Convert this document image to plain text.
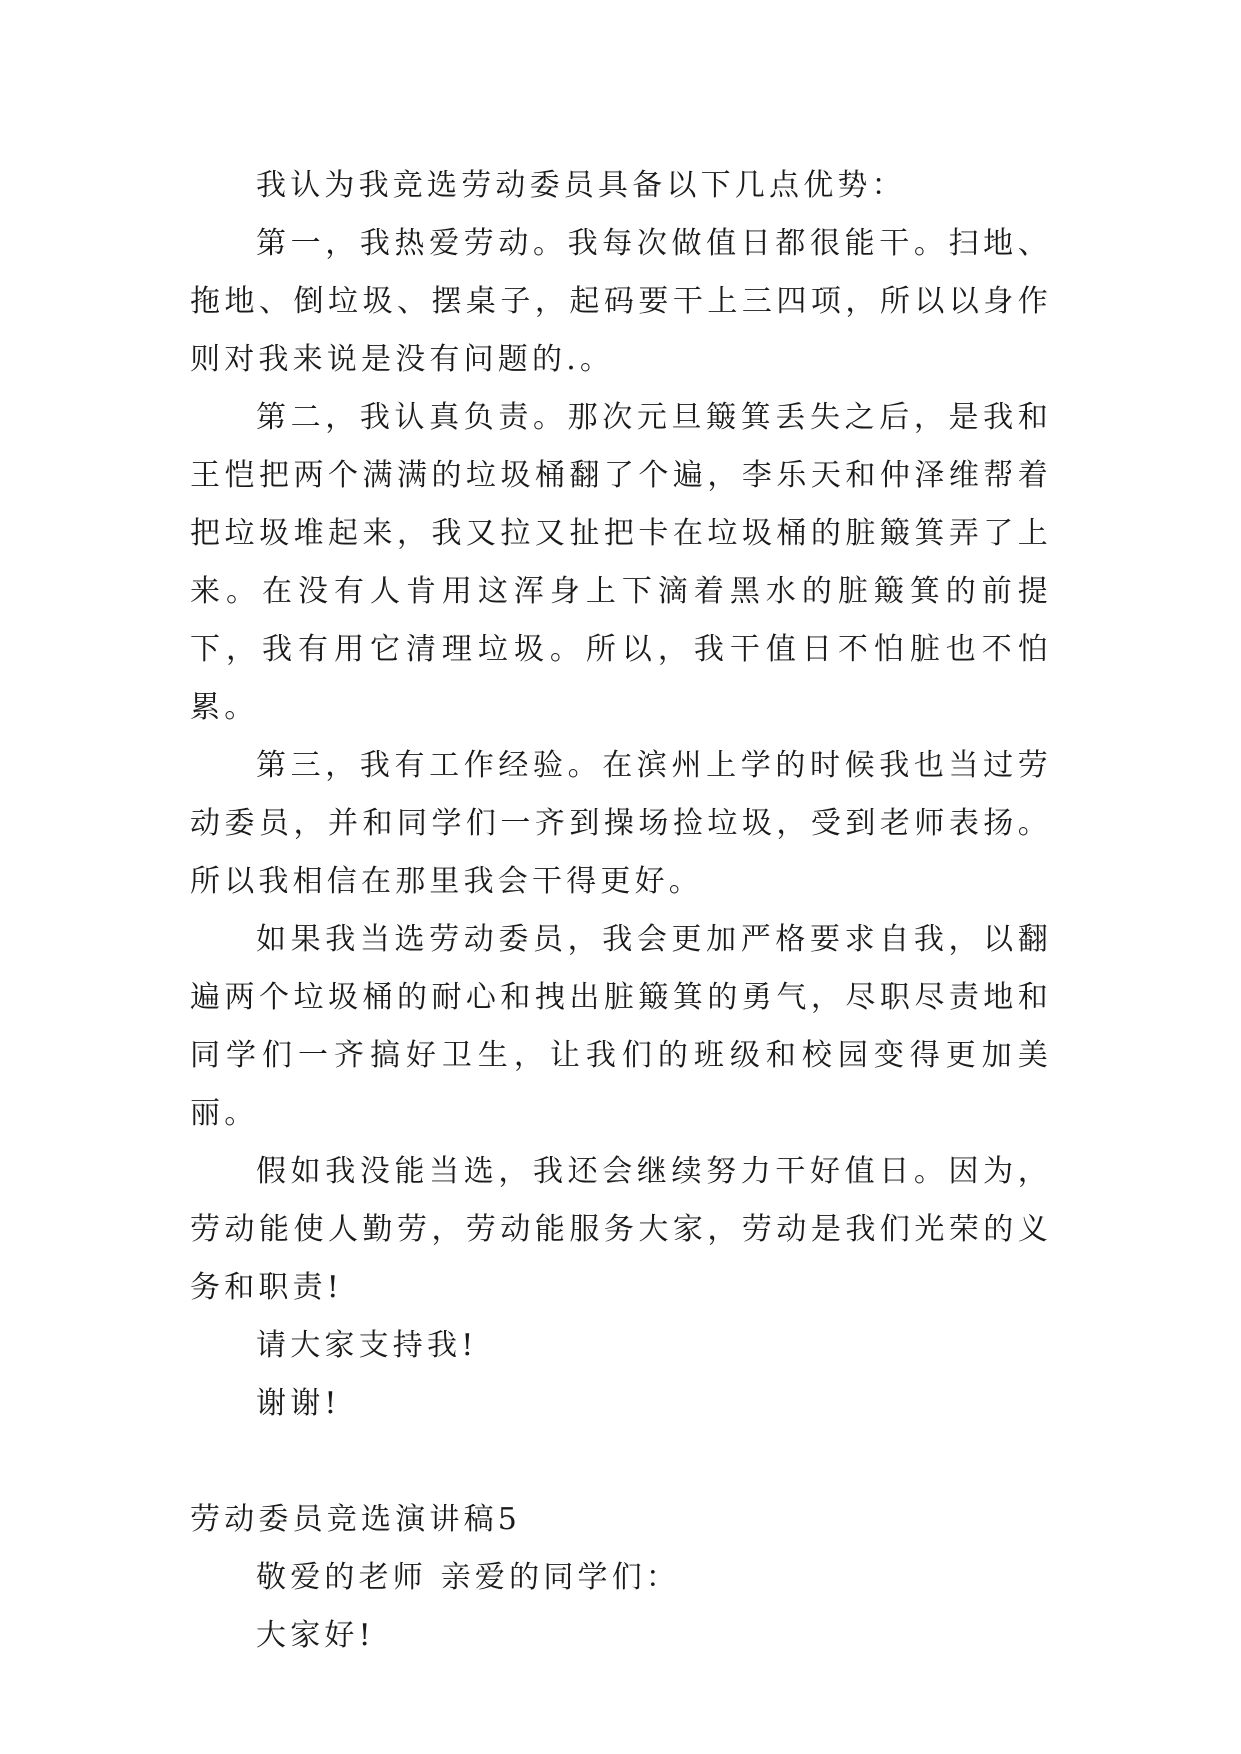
我认为我竞选劳动委员具备以下几点优势：

第一，我热爱劳动。我每次做值日都很能干。扫地、拖地、倒垃圾、摆桌子，起码要干上三四项，所以以身作则对我来说是没有问题的.。

第二，我认真负责。那次元旦簸箕丢失之后，是我和王恺把两个满满的垃圾桶翻了个遍，李乐天和仲泽维帮着把垃圾堆起来，我又拉又扯把卡在垃圾桶的脏簸箕弄了上来。在没有人肯用这浑身上下滴着黑水的脏簸箕的前提下，我有用它清理垃圾。所以，我干值日不怕脏也不怕累。

第三，我有工作经验。在滨州上学的时候我也当过劳动委员，并和同学们一齐到操场捡垃圾，受到老师表扬。所以我相信在那里我会干得更好。

如果我当选劳动委员，我会更加严格要求自我，以翻遍两个垃圾桶的耐心和拽出脏簸箕的勇气，尽职尽责地和同学们一齐搞好卫生，让我们的班级和校园变得更加美丽。

假如我没能当选，我还会继续努力干好值日。因为，劳动能使人勤劳，劳动能服务大家，劳动是我们光荣的义务和职责!

请大家支持我!

谢谢!

劳动委员竞选演讲稿5

敬爱的老师 亲爱的同学们：

大家好!
